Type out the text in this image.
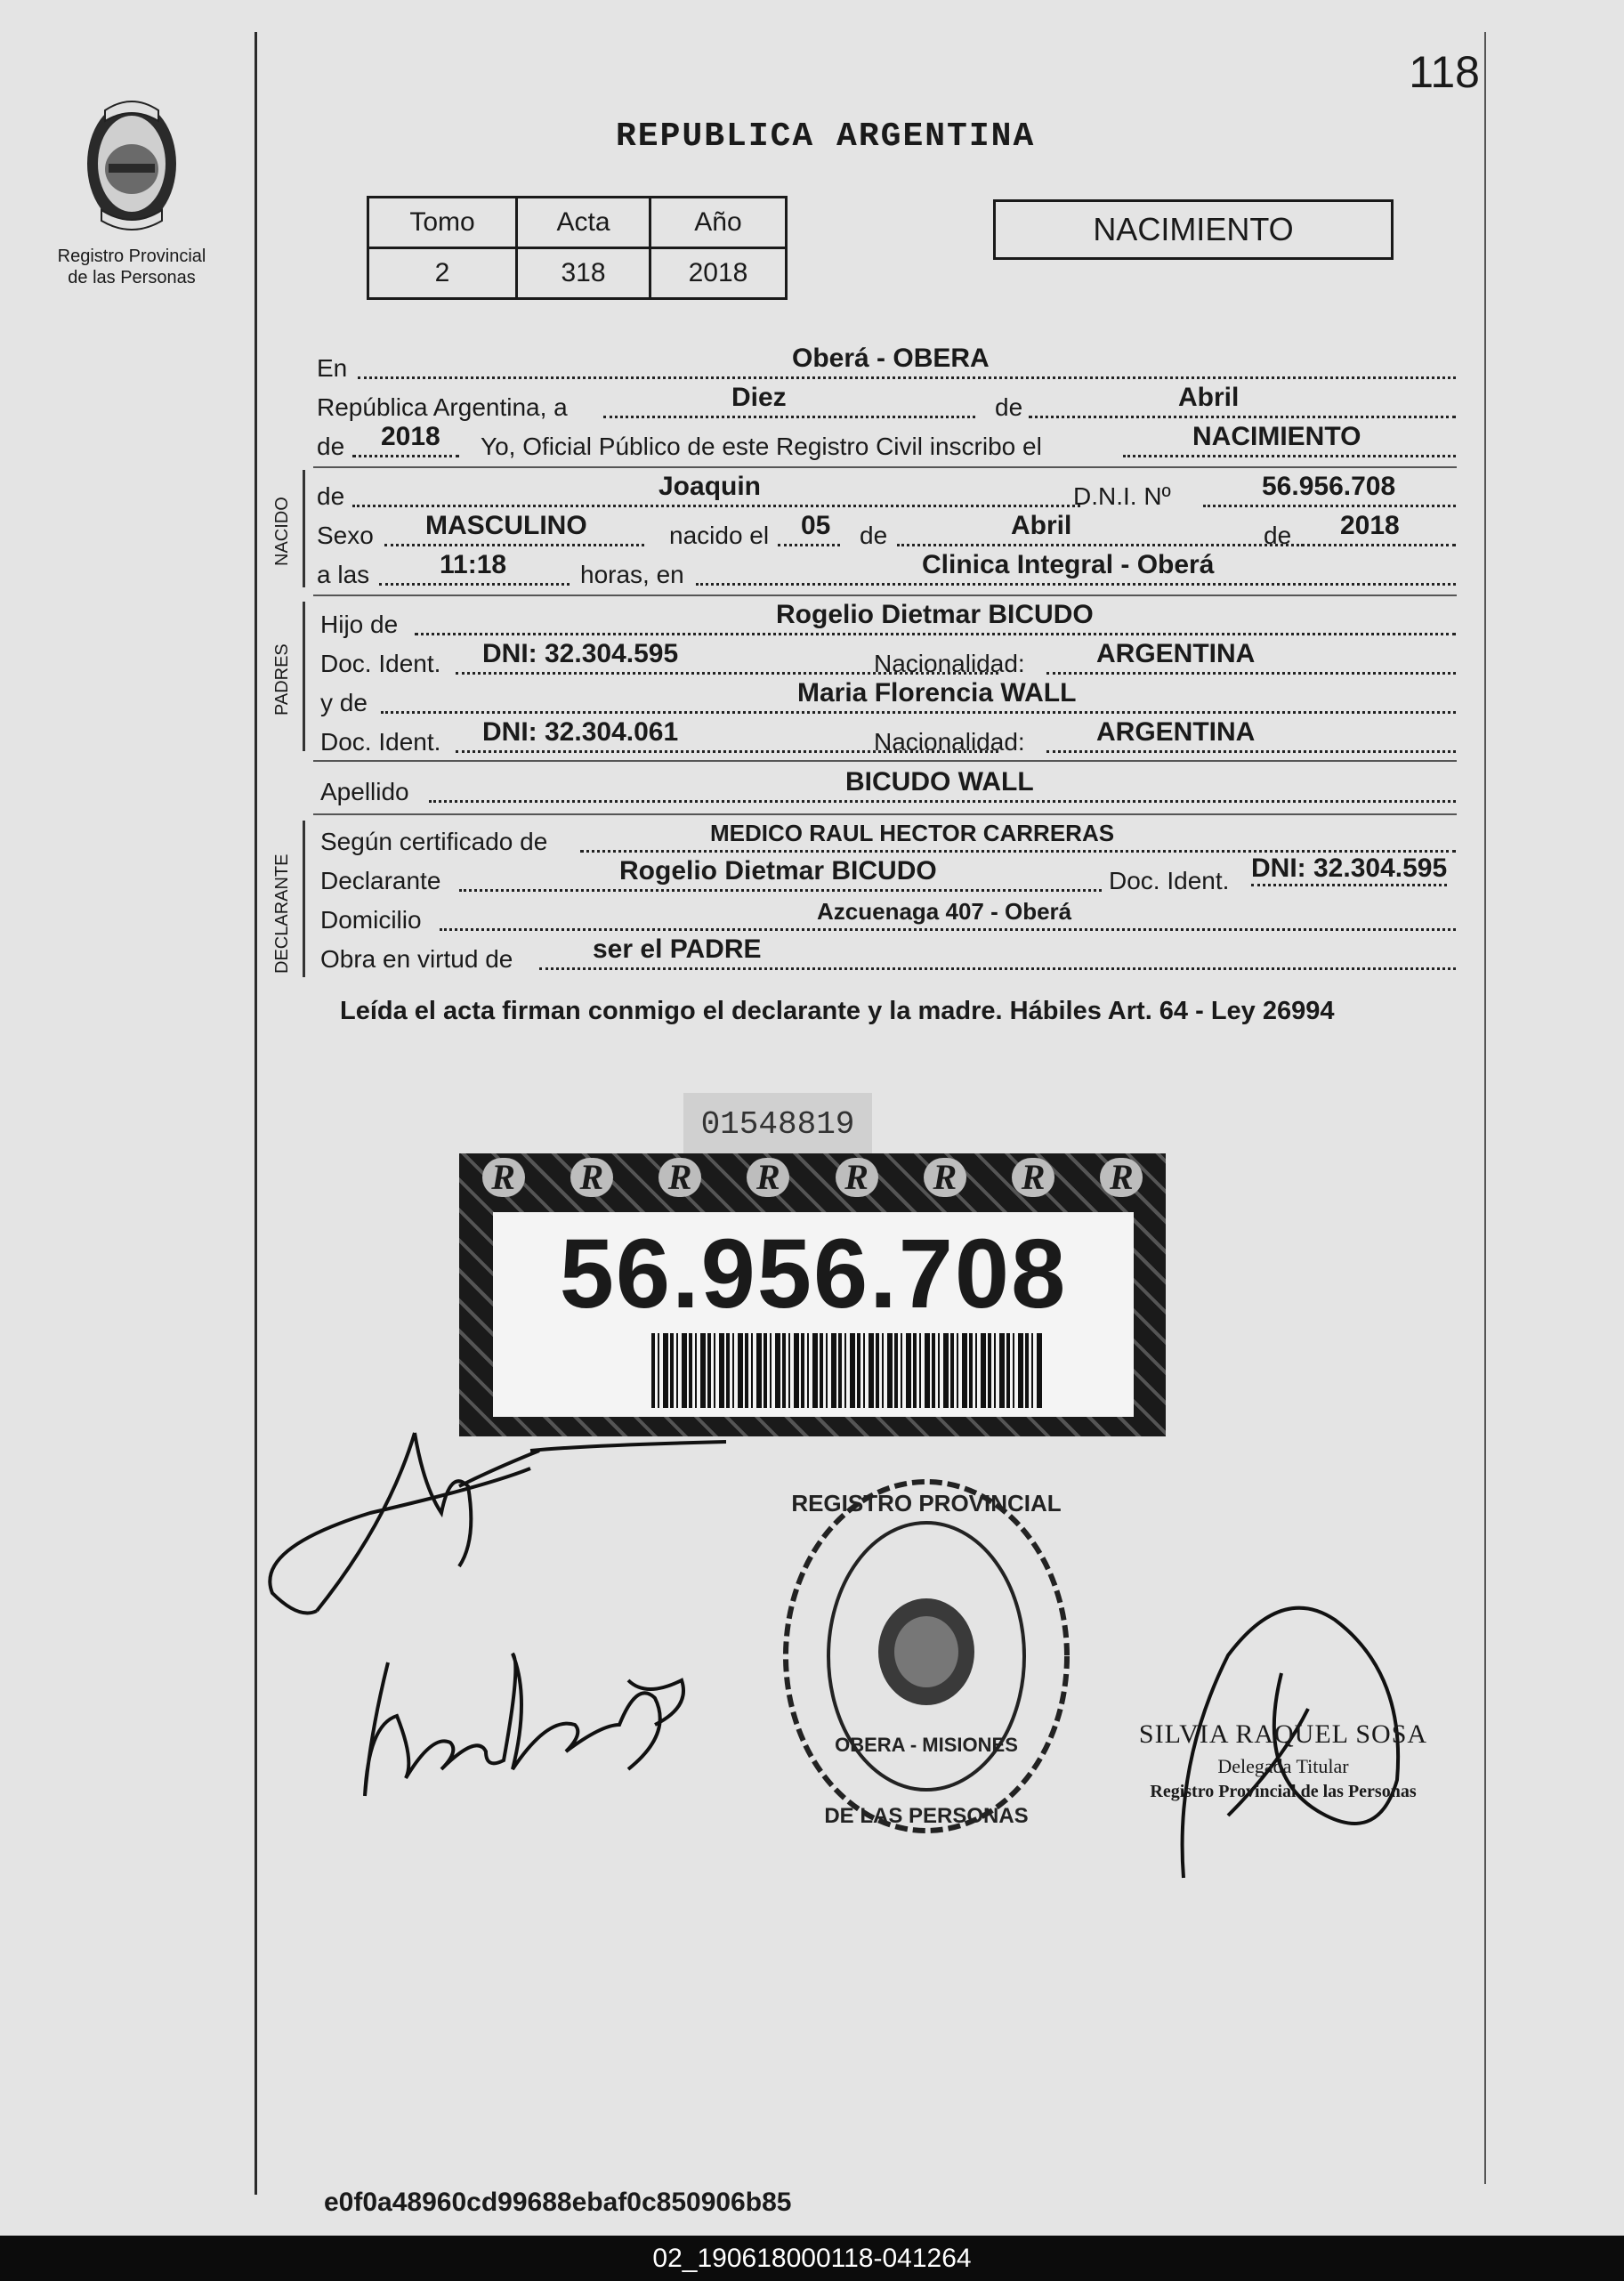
118
Registro Provincial de las Personas
REPUBLICA ARGENTINA
Tomo	Acta	Año
2	318	2018
NACIMIENTO
En	Oberá - OBERA
República Argentina, a	Diez	de	Abril
de 2018 Yo, Oficial Público de este Registro Civil inscribo el	NACIMIENTO
NACIDO
de	Joaquin	D.N.I. Nº	56.956.708
Sexo MASCULINO	nacido el 05 de	Abril	de 2018
a las	11:18	horas, en	Clinica Integral - Oberá
PADRES
Hijo de	Rogelio Dietmar BICUDO
Doc. Ident. DNI: 32.304.595	Nacionalidad:	ARGENTINA
y de	Maria Florencia WALL
Doc. Ident. DNI: 32.304.061	Nacionalidad:	ARGENTINA
Apellido	BICUDO WALL
DECLARANTE
Según certificado de	MEDICO RAUL HECTOR CARRERAS
Declarante	Rogelio Dietmar BICUDO	Doc. Ident. DNI: 32.304.595
Domicilio	Azcuenaga 407 - Oberá
Obra en virtud de	ser el PADRE
Leída el acta firman conmigo el declarante y la madre. Hábiles Art. 64 - Ley 26994
01548819
R R R R R R R R
56.956.708
REGISTRO PROVINCIAL
DE LAS PERSONAS
OBERA - MISIONES	SILVIA RAQUEL SOSA
Delegada Titular
Registro Provincial de las Personas
e0f0a48960cd99688ebaf0c850906b85
02_190618000118-041264
